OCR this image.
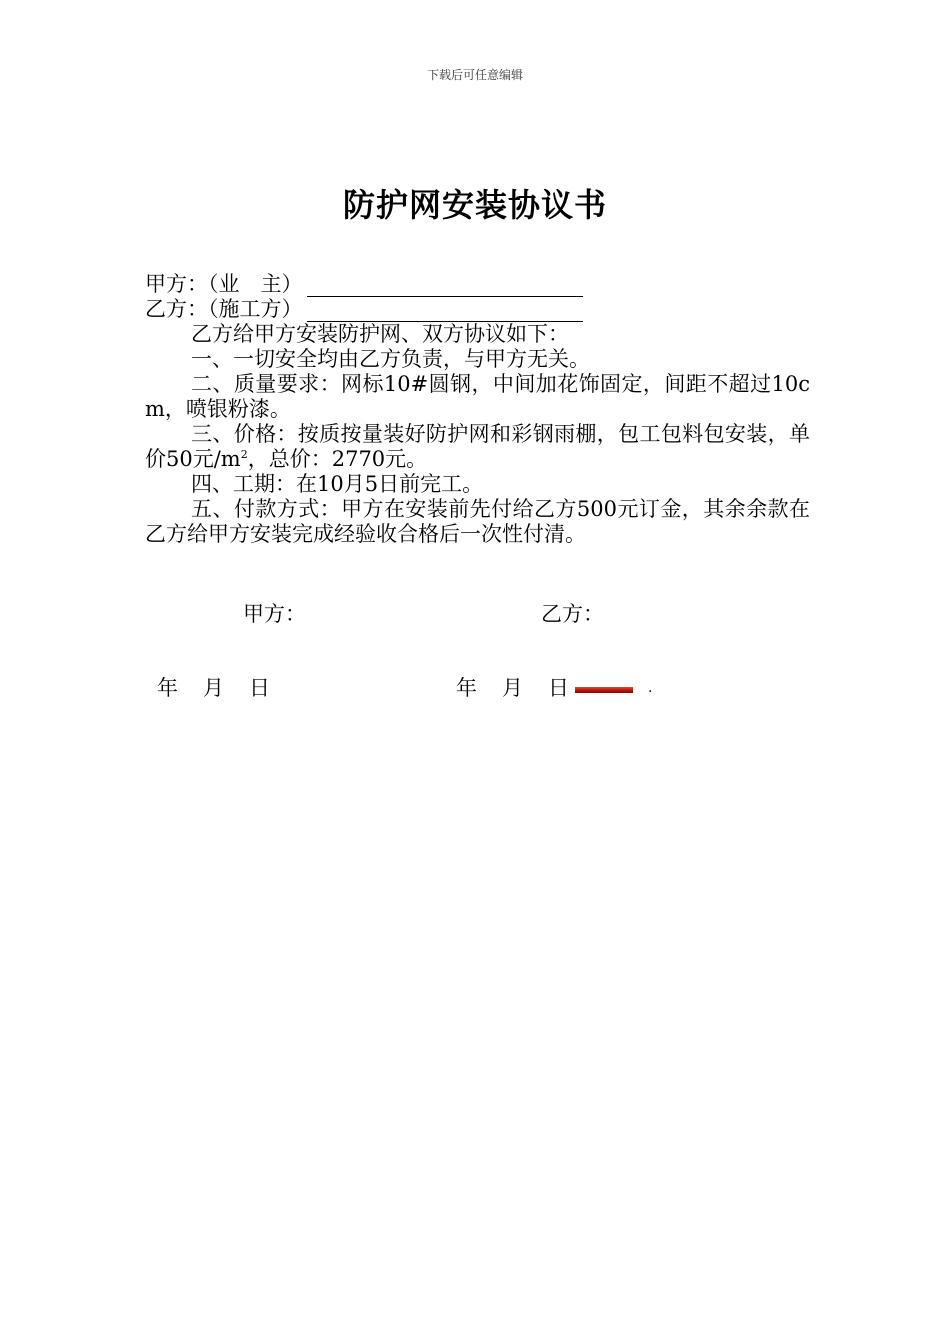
下载后可任意编辑
防护网安装协议书
甲方：（业　主）
乙方：（施工方）
乙方给甲方安装防护网、双方协议如下：
一、一切安全均由乙方负责，与甲方无关。
二、质量要求：网标10#圆钢，中间加花饰固定，间距不超过10cm，喷银粉漆。
三、价格：按质按量装好防护网和彩钢雨棚，包工包料包安装，单价50元$/m^2$，总价：2770元。
四、工期：在10月5日前完工。
五、付款方式：甲方在安装前先付给乙方500元订金，其余余款在乙方给甲方安装完成经验收合格后一次性付清。
甲方：	乙方：
年 月 日	年 月 日	.
